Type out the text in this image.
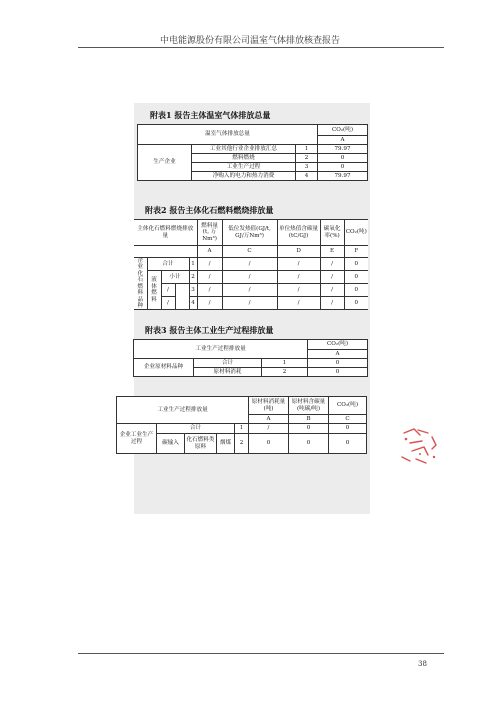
中电能源股份有限公司温室气体排放核查报告
附表1 报告主体温室气体排放总量
温室气体排放总量			CO₂(吨)
			A
生产企业	工业其他行业企业排放汇总	1	79.97
	燃料燃烧	2	0
	工业生产过程	3	0
	净购入的电力和热力消费	4	79.97
附表2 报告主体化石燃料燃烧排放量
主体化石燃料燃烧排放量					燃料量(t, 万Nm³)	低位发热值(GJ/t, GJ/万Nm³)	单位热值含碳量(tC/GJ)	碳氧化率(%)	CO₂(吨)
					A	C	D	E	F
企业化石燃料品种	合计			1	/	/	/	/	0
	液体燃料	小计		2	/	/	/	/	0
		/		3	/	/	/	/	0
		/		4	/	/	/	/	0
附表3 报告主体工业生产过程排放量
工业生产过程排放量			CO₂(吨)
			A
企业原材料品种	合计	1	0
	原材料消耗	2	0
工业生产过程排放量					原材料消耗量(吨)	原材料含碳量(吨碳/吨)	CO₂(吨)
					A	B	C
企业工业生产过程	合计			1	/	0	0
	碳输入	化石燃料类原料	烟煤	2	0	0	0
38
